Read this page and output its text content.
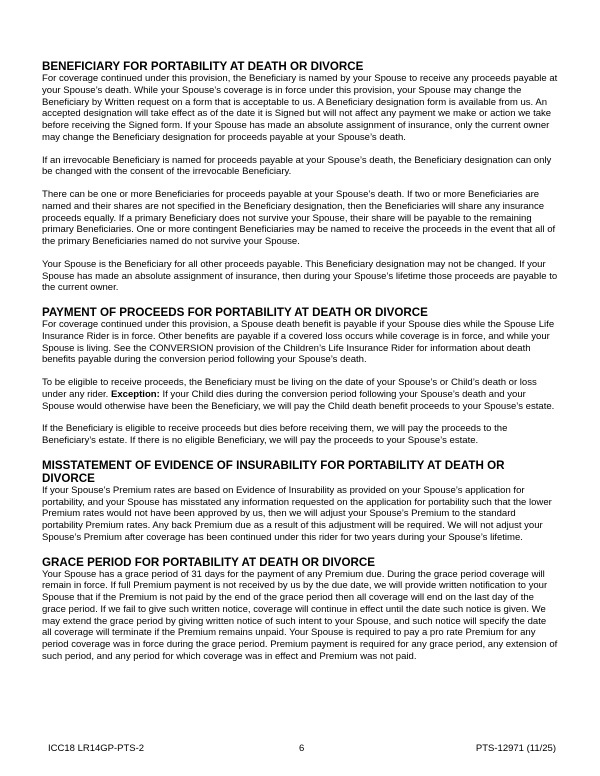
BENEFICIARY FOR PORTABILITY AT DEATH OR DIVORCE

For coverage continued under this provision, the Beneficiary is named by your Spouse to receive any proceeds payable at your Spouse’s death. While your Spouse’s coverage is in force under this provision, your Spouse may change the Beneficiary by Written request on a form that is acceptable to us. A Beneficiary designation form is available from us. An accepted designation will take effect as of the date it is Signed but will not affect any payment we make or action we take before receiving the Signed form. If your Spouse has made an absolute assignment of insurance, only the current owner may change the Beneficiary designation for proceeds payable at your Spouse’s death.

If an irrevocable Beneficiary is named for proceeds payable at your Spouse’s death, the Beneficiary designation can only be changed with the consent of the irrevocable Beneficiary.

There can be one or more Beneficiaries for proceeds payable at your Spouse’s death. If two or more Beneficiaries are named and their shares are not specified in the Beneficiary designation, then the Beneficiaries will share any insurance proceeds equally. If a primary Beneficiary does not survive your Spouse, their share will be payable to the remaining primary Beneficiaries. One or more contingent Beneficiaries may be named to receive the proceeds in the event that all of the primary Beneficiaries named do not survive your Spouse.

Your Spouse is the Beneficiary for all other proceeds payable. This Beneficiary designation may not be changed. If your Spouse has made an absolute assignment of insurance, then during your Spouse’s lifetime those proceeds are payable to the current owner.

PAYMENT OF PROCEEDS FOR PORTABILITY AT DEATH OR DIVORCE

For coverage continued under this provision, a Spouse death benefit is payable if your Spouse dies while the Spouse Life Insurance Rider is in force. Other benefits are payable if a covered loss occurs while coverage is in force, and while your Spouse is living. See the CONVERSION provision of the Children’s Life Insurance Rider for information about death benefits payable during the conversion period following your Spouse’s death.

To be eligible to receive proceeds, the Beneficiary must be living on the date of your Spouse’s or Child’s death or loss under any rider. Exception: If your Child dies during the conversion period following your Spouse’s death and your Spouse would otherwise have been the Beneficiary, we will pay the Child death benefit proceeds to your Spouse’s estate.

If the Beneficiary is eligible to receive proceeds but dies before receiving them, we will pay the proceeds to the Beneficiary’s estate. If there is no eligible Beneficiary, we will pay the proceeds to your Spouse’s estate.

MISSTATEMENT OF EVIDENCE OF INSURABILITY FOR PORTABILITY AT DEATH OR DIVORCE

If your Spouse’s Premium rates are based on Evidence of Insurability as provided on your Spouse’s application for portability, and your Spouse has misstated any information requested on the application for portability such that the lower Premium rates would not have been approved by us, then we will adjust your Spouse’s Premium to the standard portability Premium rates. Any back Premium due as a result of this adjustment will be required. We will not adjust your Spouse’s Premium after coverage has been continued under this rider for two years during your Spouse’s lifetime.

GRACE PERIOD FOR PORTABILITY AT DEATH OR DIVORCE

Your Spouse has a grace period of 31 days for the payment of any Premium due. During the grace period coverage will remain in force. If full Premium payment is not received by us by the due date, we will provide written notification to your Spouse that if the Premium is not paid by the end of the grace period then all coverage will end on the last day of the grace period. If we fail to give such written notice, coverage will continue in effect until the date such notice is given. We may extend the grace period by giving written notice of such intent to your Spouse, and such notice will specify the date all coverage will terminate if the Premium remains unpaid. Your Spouse is required to pay a pro rate Premium for any period coverage was in force during the grace period. Premium payment is required for any grace period, any extension of such period, and any period for which coverage was in effect and Premium was not paid.

ICC18 LR14GP-PTS-2	6	PTS-12971 (11/25)
